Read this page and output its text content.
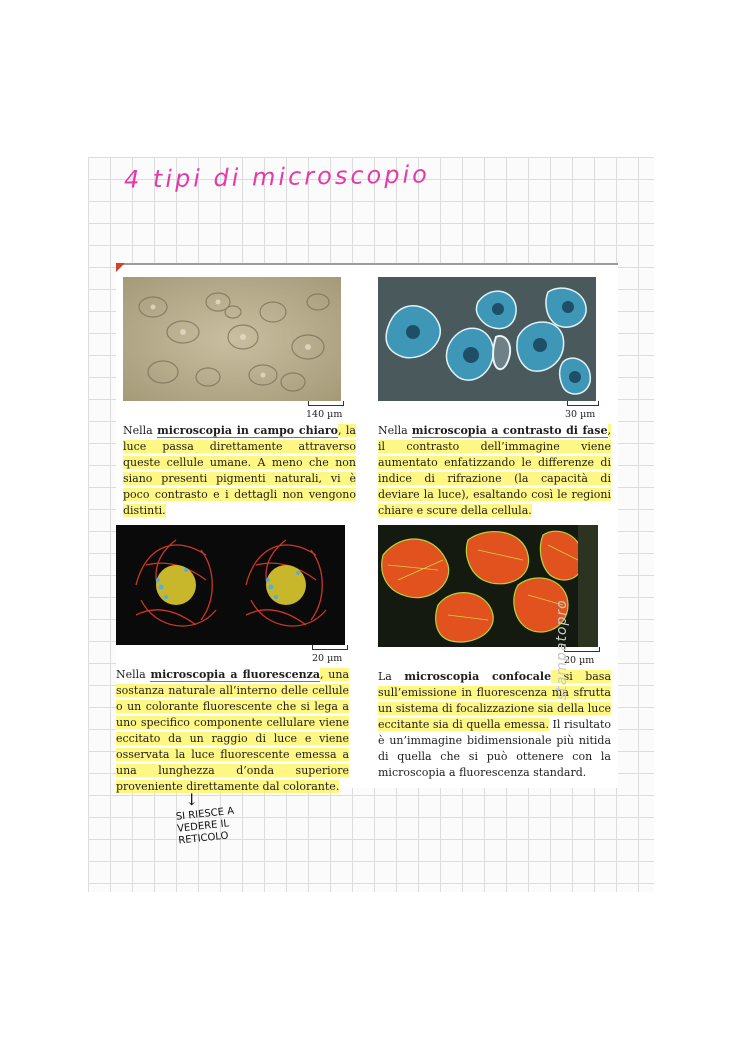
4 tipi di microscopio
140 µm
Nella microscopia in campo chiaro, la luce passa direttamente attraverso queste cellule umane. A meno che non siano presenti pigmenti naturali, vi è poco contrasto e i dettagli non vengono distinti.
30 µm
Nella microscopia a contrasto di fase, il contrasto dell’immagine viene aumentato enfatizzando le differenze di indice di rifrazione (la capacità di deviare la luce), esaltando così le regioni chiare e scure della cellula.
20 µm
Nella microscopia a fluorescenza, una sostanza naturale all’interno delle cellule o un colorante fluorescente che si lega a uno specifico componente cellulare viene eccitato da un raggio di luce e viene osservata la luce fluorescente emessa a una lunghezza d’onda superiore proveniente direttamente dal colorante.
20 µm
La microscopia confocale si basa sull’emissione in fluorescenza ma sfrutta un sistema di focalizzazione sia della luce eccitante sia di quella emessa. Il risultato è un’immagine bidimensionale più nitida di quella che si può ottenere con la microscopia a fluorescenza standard.
stampatopro
↓
SI RIESCE A VEDERE IL RETICOLO
